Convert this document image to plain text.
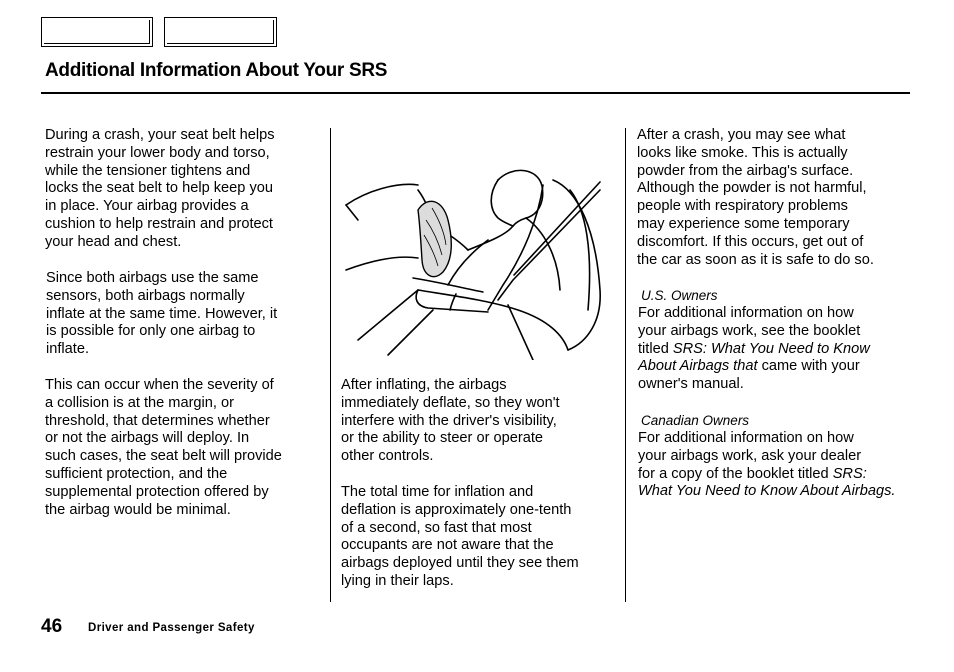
Additional Information About Your SRS
During a crash, your seat belt helps
restrain your lower body and torso,
while the tensioner tightens and
locks the seat belt to help keep you
in place. Your airbag provides a
cushion to help restrain and protect
your head and chest.
Since both airbags use the same
sensors, both airbags normally
inflate at the same time. However, it
is possible for only one airbag to
inflate.
This can occur when the severity of
a collision is at the margin, or
threshold, that determines whether
or not the airbags will deploy. In
such cases, the seat belt will provide
sufficient protection, and the
supplemental protection offered by
the airbag would be minimal.
After inflating, the airbags
immediately deflate, so they won't
interfere with the driver's visibility,
or the ability to steer or operate
other controls.
The total time for inflation and
deflation is approximately one-tenth
of a second, so fast that most
occupants are not aware that the
airbags deployed until they see them
lying in their laps.
After a crash, you may see what
looks like smoke. This is actually
powder from the airbag's surface.
Although the powder is not harmful,
people with respiratory problems
may experience some temporary
discomfort. If this occurs, get out of
the car as soon as it is safe to do so.
U.S. Owners
For additional information on how
your airbags work, see the booklet
titled SRS: What You Need to Know
About Airbags that came with your
owner's manual.
Canadian Owners
For additional information on how
your airbags work, ask your dealer
for a copy of the booklet titled SRS:
What You Need to Know About Airbags.
46 Driver and Passenger Safety
